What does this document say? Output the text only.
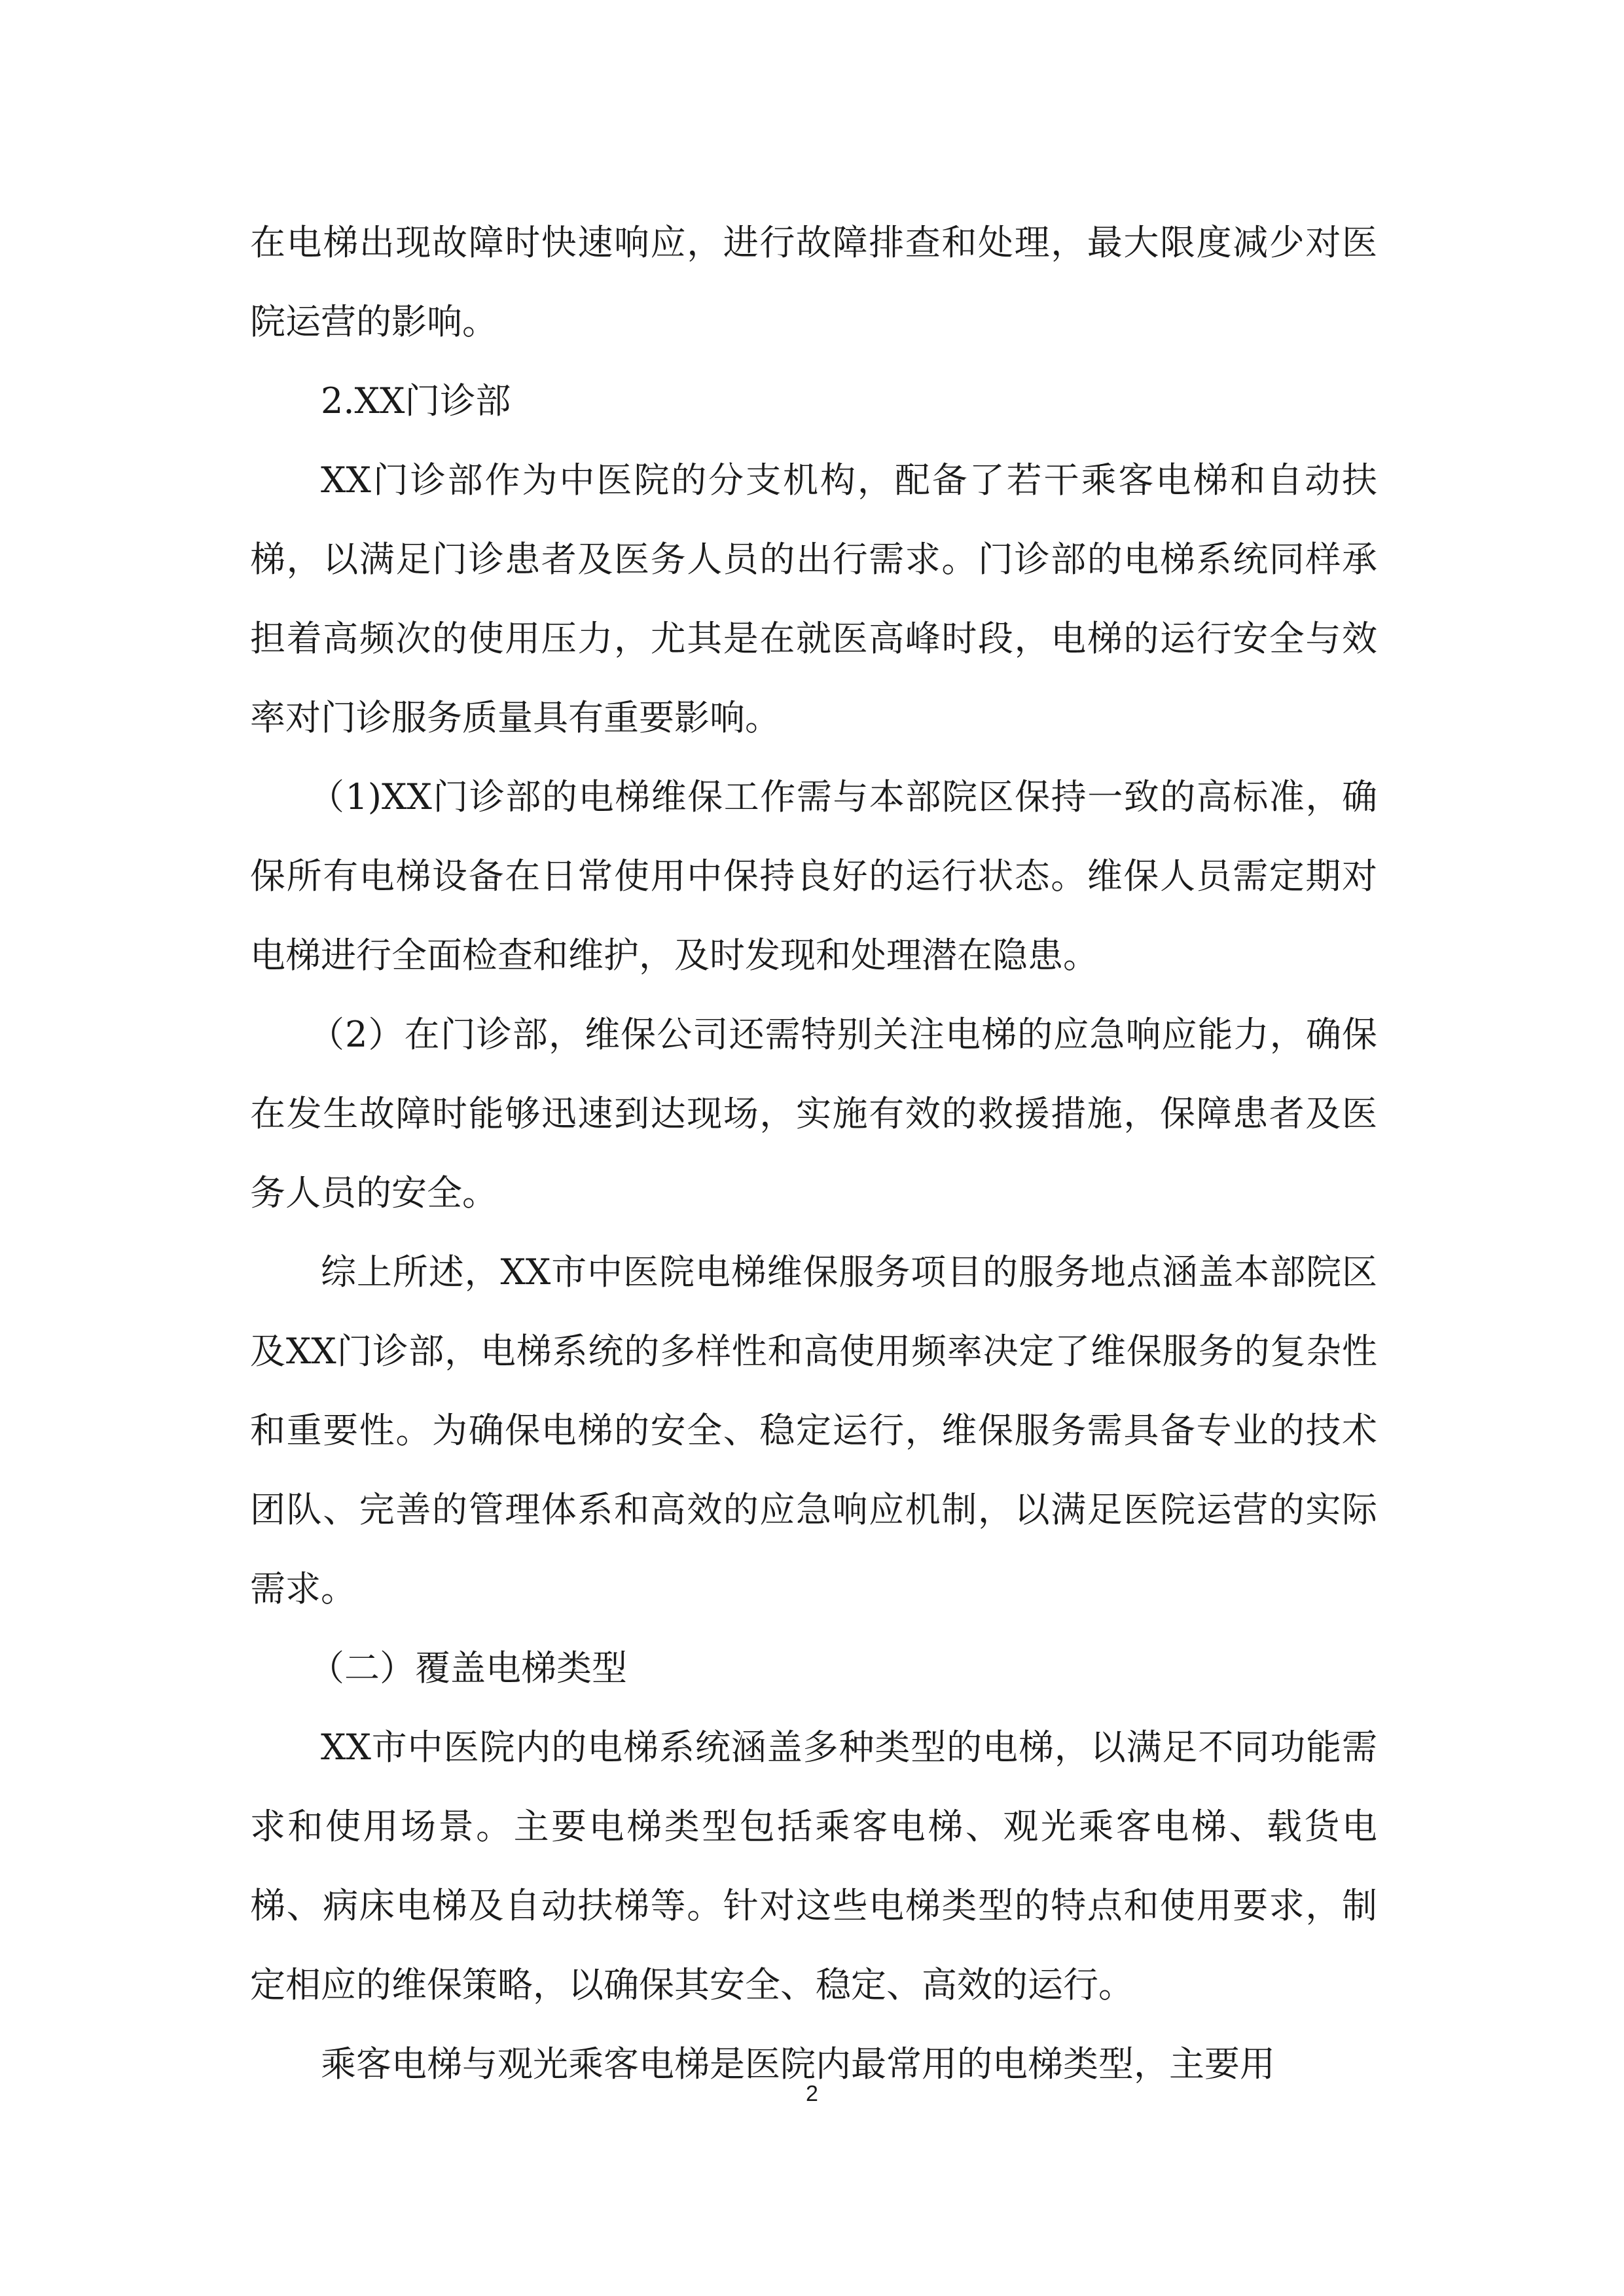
在电梯出现故障时快速响应，进行故障排查和处理，最大限度减少对医院运营的影响。

2.XX门诊部

XX门诊部作为中医院的分支机构，配备了若干乘客电梯和自动扶梯，以满足门诊患者及医务人员的出行需求。门诊部的电梯系统同样承担着高频次的使用压力，尤其是在就医高峰时段，电梯的运行安全与效率对门诊服务质量具有重要影响。

（1)XX门诊部的电梯维保工作需与本部院区保持一致的高标准，确保所有电梯设备在日常使用中保持良好的运行状态。维保人员需定期对电梯进行全面检查和维护，及时发现和处理潜在隐患。

（2）在门诊部，维保公司还需特别关注电梯的应急响应能力，确保在发生故障时能够迅速到达现场，实施有效的救援措施，保障患者及医务人员的安全。

综上所述，XX市中医院电梯维保服务项目的服务地点涵盖本部院区及XX门诊部，电梯系统的多样性和高使用频率决定了维保服务的复杂性和重要性。为确保电梯的安全、稳定运行，维保服务需具备专业的技术团队、完善的管理体系和高效的应急响应机制，以满足医院运营的实际需求。

（二）覆盖电梯类型

XX市中医院内的电梯系统涵盖多种类型的电梯，以满足不同功能需求和使用场景。主要电梯类型包括乘客电梯、观光乘客电梯、载货电梯、病床电梯及自动扶梯等。针对这些电梯类型的特点和使用要求，制定相应的维保策略，以确保其安全、稳定、高效的运行。

乘客电梯与观光乘客电梯是医院内最常用的电梯类型，主要用

2
